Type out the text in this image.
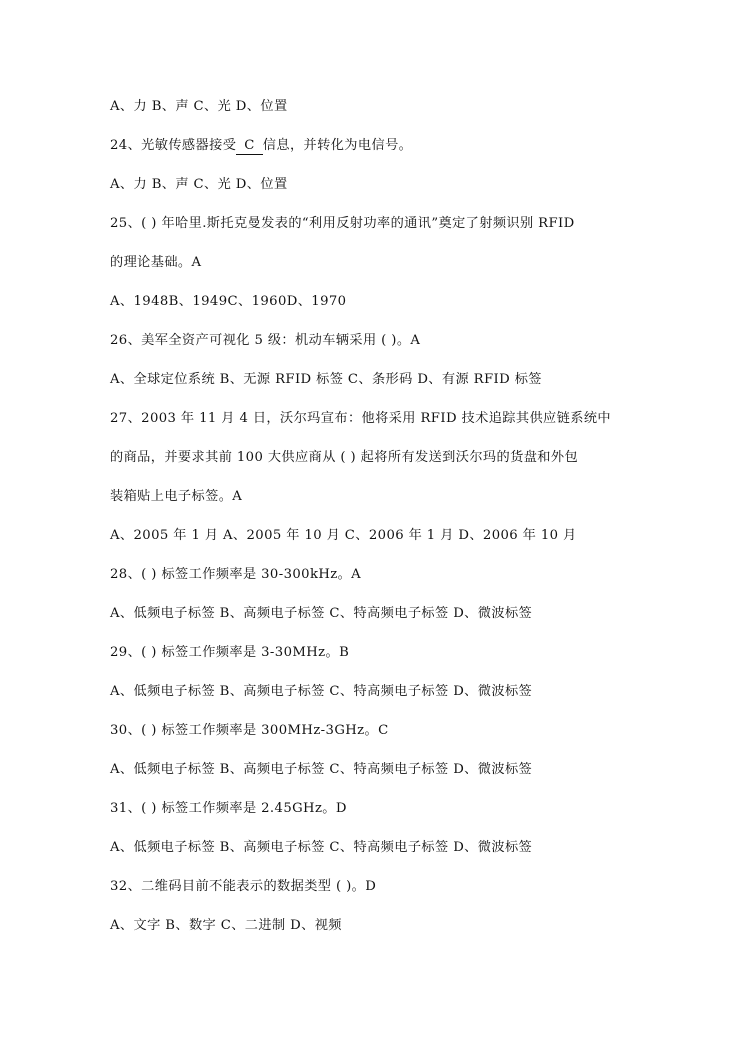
A、力 B、声 C、光 D、位置
24、光敏传感器接受 C 信息，并转化为电信号。
A、力 B、声 C、光 D、位置
25、( ) 年哈里.斯托克曼发表的“利用反射功率的通讯”奠定了射频识别 RFID
的理论基础。A
A、1948B、1949C、1960D、1970
26、美军全资产可视化 5 级：机动车辆采用 ( )。A
A、全球定位系统 B、无源 RFID 标签 C、条形码 D、有源 RFID 标签
27、2003 年 11 月 4 日，沃尔玛宣布：他将采用 RFID 技术追踪其供应链系统中
的商品，并要求其前 100 大供应商从 ( ) 起将所有发送到沃尔玛的货盘和外包
装箱贴上电子标签。A
A、2005 年 1 月 A、2005 年 10 月 C、2006 年 1 月 D、2006 年 10 月
28、( ) 标签工作频率是 30-300kHz。A
A、低频电子标签 B、高频电子标签 C、特高频电子标签 D、微波标签
29、( ) 标签工作频率是 3-30MHz。B
A、低频电子标签 B、高频电子标签 C、特高频电子标签 D、微波标签
30、( ) 标签工作频率是 300MHz-3GHz。C
A、低频电子标签 B、高频电子标签 C、特高频电子标签 D、微波标签
31、( ) 标签工作频率是 2.45GHz。D
A、低频电子标签 B、高频电子标签 C、特高频电子标签 D、微波标签
32、二维码目前不能表示的数据类型 ( )。D
A、文字 B、数字 C、二进制 D、视频
